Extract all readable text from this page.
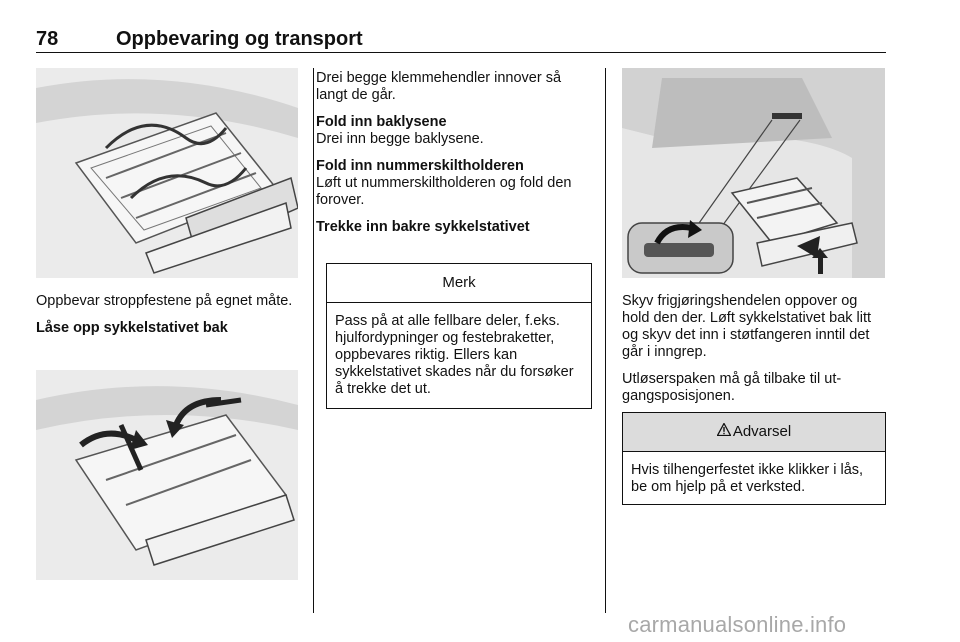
78	Oppbevaring og transport

Oppbevar stroppfestene på egnet måte.

Låse opp sykkelstativet bak

Drei begge klemmehendler innover så langt de går.

Fold inn baklysene

Drei inn begge baklysene.

Fold inn nummerskiltholderen

Løft ut nummerskiltholderen og fold den forover.

Trekke inn bakre sykkelstativet

Merk
Pass på at alle fellbare deler, f.eks. hjulfordypninger og festebraketter, oppbevares riktig. Ellers kan sykkelstativet skades når du forsøker å trekke det ut.

Skyv frigjøringshendelen oppover og hold den der. Løft sykkelstativet bak litt og skyv det inn i støtfangeren inntil det går i inngrep.

Utløserspaken må gå tilbake til utgangsposisjonen.

Advarsel
Hvis tilhengerfestet ikke klikker i lås, be om hjelp på et verksted.
carmanualsonline.info
